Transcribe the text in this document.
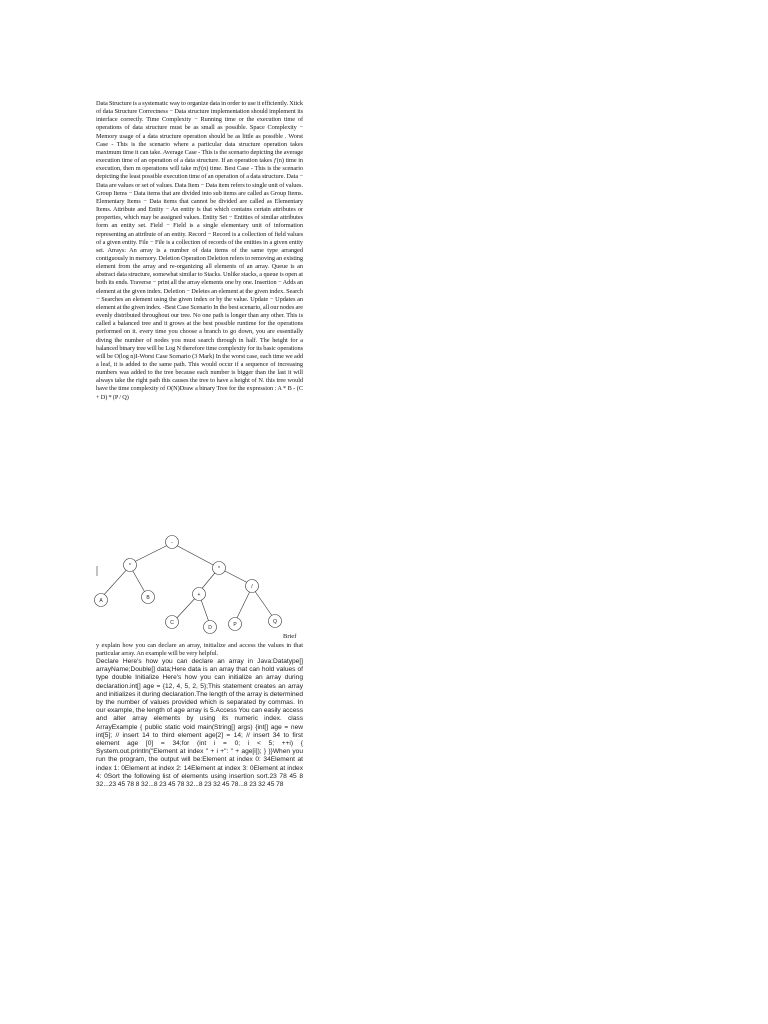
Data Structure is a systematic way to organize data in order to use it efficiently. Xtick of data Structure Correctness − Data structure implementation should implement its interface correctly. Time Complexity − Running time or the execution time of operations of data structure must be as small as possible. Space Complexity − Memory usage of a data structure operation should be as little as possible . Worst Case - This is the scenario where a particular data structure operation takes maximum time it can take. Average Case - This is the scenario depicting the average execution time of an operation of a data structure. If an operation takes ƒ(n) time in execution, then m operations will take mƒ(n) time. Best Case - This is the scenario depicting the least possible execution time of an operation of a data structure. Data − Data are values or set of values. Data Item − Data item refers to single unit of values. Group Items − Data items that are divided into sub items are called as Group Items. Elementary Items − Data items that cannot be divided are called as Elementary Items. Attribute and Entity − An entity is that which contains certain attributes or properties, which may be assigned values. Entity Set − Entities of similar attributes form an entity set. Field − Field is a single elementary unit of information representing an attribute of an entity. Record − Record is a collection of field values of a given entity. File − File is a collection of records of the entities in a given entity set. Arrays: An array is a number of data items of the same type arranged contiguously in memory. Deletion Operation Deletion refers to removing an existing element from the array and re-organizing all elements of an array. Queue is an abstract data structure, somewhat similar to Stacks. Unlike stacks, a queue is open at both its ends. Traverse − print all the array elements one by one. Insertion − Adds an element at the given index. Deletion − Deletes an element at the given index. Search − Searches an element using the given index or by the value. Update − Updates an element at the given index. -Best Case Scenario In the best scenario, all our nodes are evenly distributed throughout our tree. No one path is longer than any other. This is called a balanced tree and it grows at the best possible runtime for the operations performed on it. every time you choose a branch to go down, you are essentially diving the number of nodes you must search through in half. The height for a balanced binary tree will be Log N therefore time complexity for its basic operations will be O(log n)I-Worst Case Scenario (3 Mark) In the worst case, each time we add a leaf, it is added to the same path. This would occur if a sequence of increasing numbers was added to the tree because each number is bigger than the last it will always take the right path this causes the tree to have a height of N. this tree would have the time complexity of O(N)Draw a binary Tree for the expression : A * B - (C + D) * (P / Q)

-
*	*
A	B	+
/
C
D	P	Q

Brief

y explain how you can declare an array, initialize and access the values in that particular array. An example will be very helpful.

Declare Here's how you can declare an array in Java:Datatype[] arrayName;Double[] data;Here data is an array that can hold values of type double Initialize Here's how you can initialize an array during declaration.int[] age = {12, 4, 5, 2, 5};This statement creates an array and initializes it during declaration.The length of the array is determined by the number of values provided which is separated by commas. In our example, the length of age array is 5.Access You can easily access and alter array elements by using its numeric index. class ArrayExample { public static void main(String[] args) {int[] age = new int[5]; // insert 14 to third element age[2] = 14; // insert 34 to first element age [0] = 34;for (int i = 0; i < 5; ++i) { System.out.println("Element at index " + i +": " + age[i]); } }}When you run the program, the output will be:Element at index 0: 34Element at index 1: 0Element at index 2: 14Element at index 3: 0Element at index 4: 0Sort the following list of elements using insertion sort.23 78 45 8 32...23 45 78 8 32...8 23 45 78 32...8 23 32 45 78...8 23 32 45 78
